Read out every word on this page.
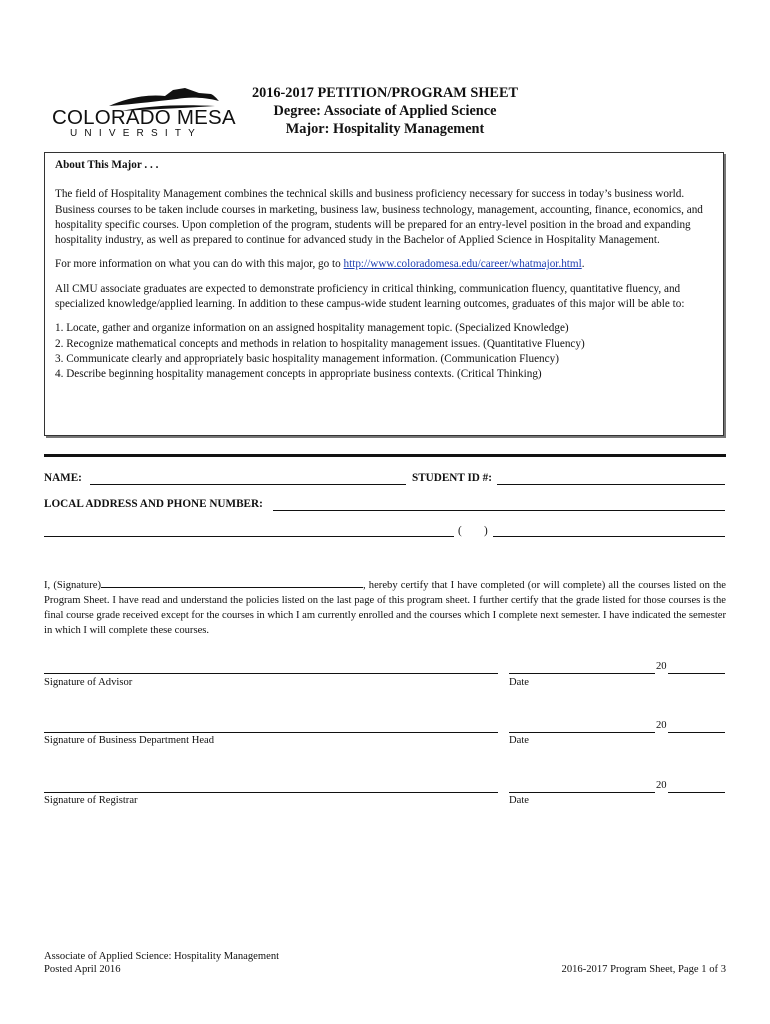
COLORADO MESA
UNIVERSITY
2016-2017 PETITION/PROGRAM SHEET
Degree: Associate of Applied Science
Major: Hospitality Management

About This Major . . .

The field of Hospitality Management combines the technical skills and business proficiency necessary for success in today’s business world. Business courses to be taken include courses in marketing, business law, business technology, management, accounting, finance, economics, and hospitality specific courses. Upon completion of the program, students will be prepared for an entry-level position in the broad and expanding hospitality industry, as well as prepared to continue for advanced study in the Bachelor of Applied Science in Hospitality Management.

For more information on what you can do with this major, go to http://www.coloradomesa.edu/career/whatmajor.html.

All CMU associate graduates are expected to demonstrate proficiency in critical thinking, communication fluency, quantitative fluency, and specialized knowledge/applied learning. In addition to these campus-wide student learning outcomes, graduates of this major will be able to:

1. Locate, gather and organize information on an assigned hospitality management topic. (Specialized Knowledge)
2. Recognize mathematical concepts and methods in relation to hospitality management issues. (Quantitative Fluency)
3. Communicate clearly and appropriately basic hospitality management information. (Communication Fluency)
4. Describe beginning hospitality management concepts in appropriate business contexts. (Critical Thinking)
NAME:	STUDENT ID #:
LOCAL ADDRESS AND PHONE NUMBER:
( )
I, (Signature)	, hereby certify that I have completed (or will complete) all the courses listed on the Program Sheet. I have read and understand the policies listed on the last page of this program sheet. I further certify that the grade listed for those courses is the final course grade received except for the courses in which I am currently enrolled and the courses which I complete next semester. I have indicated the semester in which I will complete these courses.
Signature of Advisor
20
Date
Signature of Business Department Head
20
Date
Signature of Registrar
20
Date
Associate of Applied Science: Hospitality Management
Posted April 2016	2016-2017 Program Sheet, Page 1 of 3
